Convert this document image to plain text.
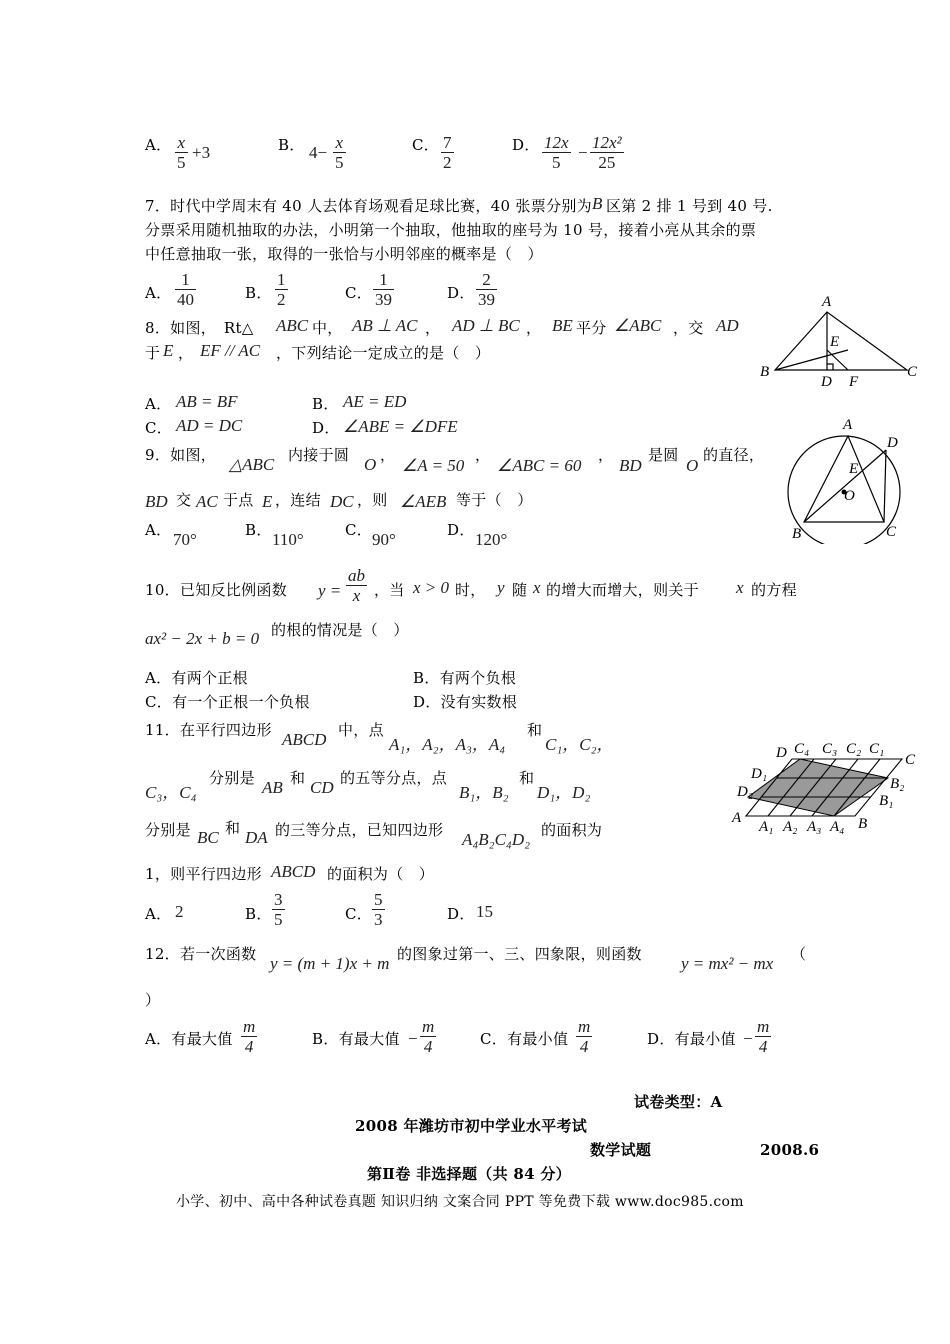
A． x
5
+3	B． 4−
x
5
C． 7
2
D． 12x
5
−
12x²
25
7．时代中学周末有 40 人去体育场观看足球比赛，40 张票分别为 B 区第 2 排 1 号到 40 号.
分票采用随机抽取的办法，小明第一个抽取，他抽取的座号为 10 号，接着小亮从其余的票
中任意抽取一张，取得的一张恰与小明邻座的概率是（　）
A．
1
40	B．
1
2	C．
1
39	D．
2
39
8．如图，　Rt△ ABC 中， AB ⊥ AC ， AD ⊥ BC ， BE 平分 ∠ABC ，交 AD
于 E ， EF // AC ，下列结论一定成立的是（　）
A． AB = BF	B． AE = ED
C． AD = DC	D． ∠ABE = ∠DFE
A
B	C
D
E
F
9．如图， △ABC 内接于圆 O ，
∠A = 50
，
∠ABC = 60
，
BD
是圆
O
的直径，
BD 交 AC 于点 E ，连结 DC ，则 ∠AEB 等于（　）
A． 70°	B． 110°	C． 90°	D． 120°
A
D
E
O
B	C
10．已知反比例函数 y =
ab
x ，当 x > 0 时， y 随 x 的增大而增大，则关于 x 的方程
ax² − 2x + b = 0 的根的情况是（　）
A．有两个正根	B．有两个负根
C．有一个正根一个负根	D．没有实数根
11．在平行四边形 ABCD 中，点
A₁，A₂，A₃，A₄
和
C₁，C₂，
C₃，C₄
分别是 AB 和 CD 的五等分点，点
B₁，B₂
和
D₁，D₂
分别是 BC 和 DA 的三等分点，已知四边形 A₄B₂C₄D₂ 的面积为
1，则平行四边形 ABCD 的面积为（　）
A． 2	B．
3
5	C．
5
3	D． 15
D C₄ C₃ C₂ C₁
C
D₁
D₂	B₂
B₁
A	B
A₁ A₂ A₃ A₄
12．若一次函数 y = (m + 1)x + m 的图象过第一、三、四象限，则函数 y = mx² − mx （
）
A．有最大值
m
4	B．有最大值 −
m
4	C．有最小值
m
4	D．有最小值 −
m
4
试卷类型：A
2008 年潍坊市初中学业水平考试
数学试题	2008.6
第Ⅱ卷 非选择题（共 84 分）
小学、初中、高中各种试卷真题 知识归纳 文案合同 PPT 等免费下载 www.doc985.com
